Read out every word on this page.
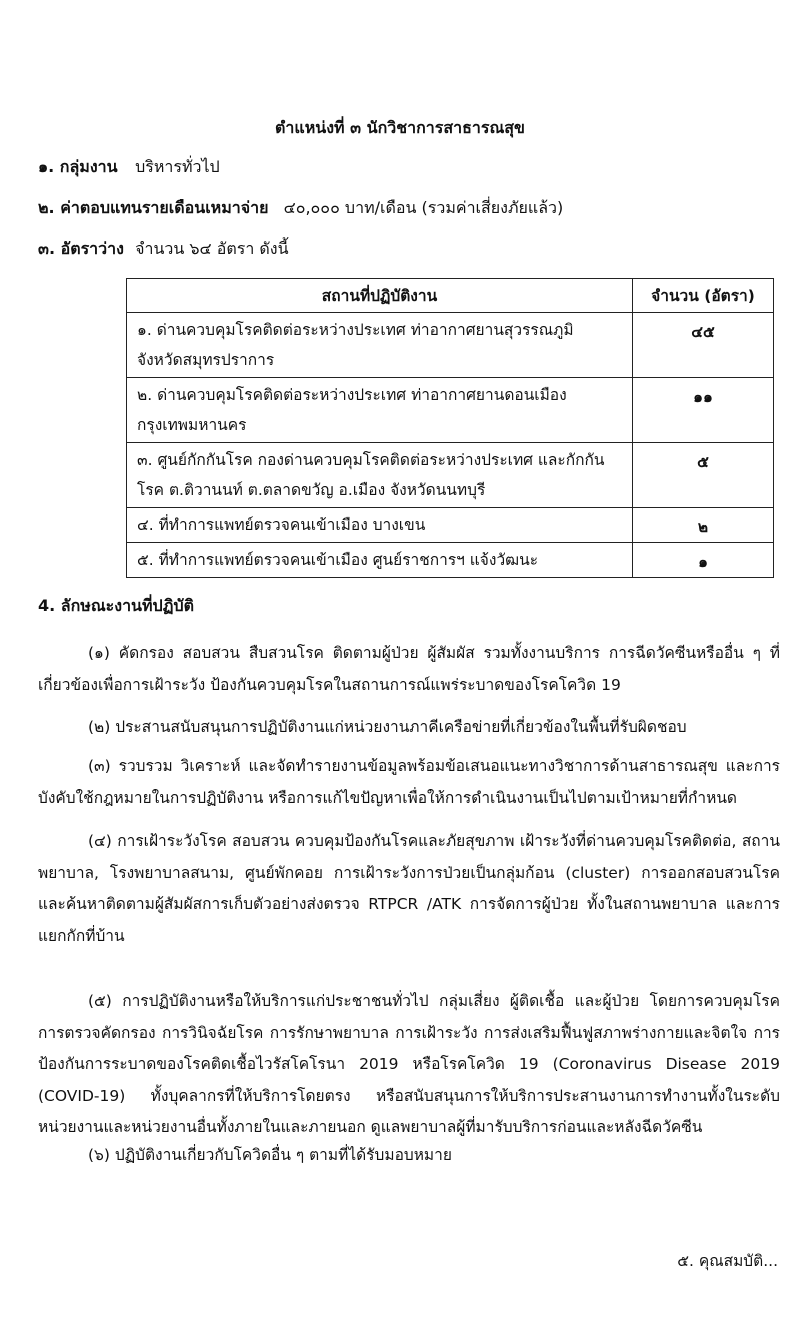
ตำแหน่งที่ ๓ นักวิชาการสาธารณสุข
๑. กลุ่มงาน บริหารทั่วไป
๒. ค่าตอบแทนรายเดือนเหมาจ่าย ๔๐,๐๐๐ บาท/เดือน (รวมค่าเสี่ยงภัยแล้ว)
๓. อัตราว่าง จำนวน ๖๔ อัตรา ดังนี้
สถานที่ปฏิบัติงาน	จำนวน (อัตรา)
๑. ด่านควบคุมโรคติดต่อระหว่างประเทศ ท่าอากาศยานสุวรรณภูมิ จังหวัดสมุทรปราการ	๔๕
๒. ด่านควบคุมโรคติดต่อระหว่างประเทศ ท่าอากาศยานดอนเมือง กรุงเทพมหานคร	๑๑
๓. ศูนย์กักกันโรค กองด่านควบคุมโรคติดต่อระหว่างประเทศ และกักกันโรค ต.ติวานนท์ ต.ตลาดขวัญ อ.เมือง จังหวัดนนทบุรี	๕
๔. ที่ทำการแพทย์ตรวจคนเข้าเมือง บางเขน	๒
๕. ที่ทำการแพทย์ตรวจคนเข้าเมือง ศูนย์ราชการฯ แจ้งวัฒนะ	๑
4. ลักษณะงานที่ปฏิบัติ
(๑) คัดกรอง สอบสวน สืบสวนโรค ติดตามผู้ป่วย ผู้สัมผัส รวมทั้งงานบริการ การฉีดวัคซีนหรืออื่น ๆ ที่เกี่ยวข้องเพื่อการเฝ้าระวัง ป้องกันควบคุมโรคในสถานการณ์แพร่ระบาดของโรคโควิด 19
(๒) ประสานสนับสนุนการปฏิบัติงานแก่หน่วยงานภาคีเครือข่ายที่เกี่ยวข้องในพื้นที่รับผิดชอบ
(๓) รวบรวม วิเคราะห์ และจัดทำรายงานข้อมูลพร้อมข้อเสนอแนะทางวิชาการด้านสาธารณสุข และการบังคับใช้กฎหมายในการปฏิบัติงาน หรือการแก้ไขปัญหาเพื่อให้การดำเนินงานเป็นไปตามเป้าหมายที่กำหนด
(๔) การเฝ้าระวังโรค สอบสวน ควบคุมป้องกันโรคและภัยสุขภาพ เฝ้าระวังที่ด่านควบคุมโรคติดต่อ, สถานพยาบาล, โรงพยาบาลสนาม, ศูนย์พักคอย การเฝ้าระวังการป่วยเป็นกลุ่มก้อน (cluster) การออกสอบสวนโรค และค้นหาติดตามผู้สัมผัสการเก็บตัวอย่างส่งตรวจ RTPCR /ATK การจัดการผู้ป่วย ทั้งในสถานพยาบาล และการแยกกักที่บ้าน
(๕) การปฏิบัติงานหรือให้บริการแก่ประชาชนทั่วไป กลุ่มเสี่ยง ผู้ติดเชื้อ และผู้ป่วย โดยการควบคุมโรค การตรวจคัดกรอง การวินิจฉัยโรค การรักษาพยาบาล การเฝ้าระวัง การส่งเสริมฟื้นฟูสภาพร่างกายและจิตใจ การป้องกันการระบาดของโรคติดเชื้อไวรัสโคโรนา 2019 หรือโรคโควิด 19 (Coronavirus Disease 2019 (COVID-19) ทั้งบุคลากรที่ให้บริการโดยตรง หรือสนับสนุนการให้บริการประสานงานการทำงานทั้งในระดับ หน่วยงานและหน่วยงานอื่นทั้งภายในและภายนอก ดูแลพยาบาลผู้ที่มารับบริการก่อนและหลังฉีดวัคซีน
(๖) ปฏิบัติงานเกี่ยวกับโควิดอื่น ๆ ตามที่ได้รับมอบหมาย
๕. คุณสมบัติ...
